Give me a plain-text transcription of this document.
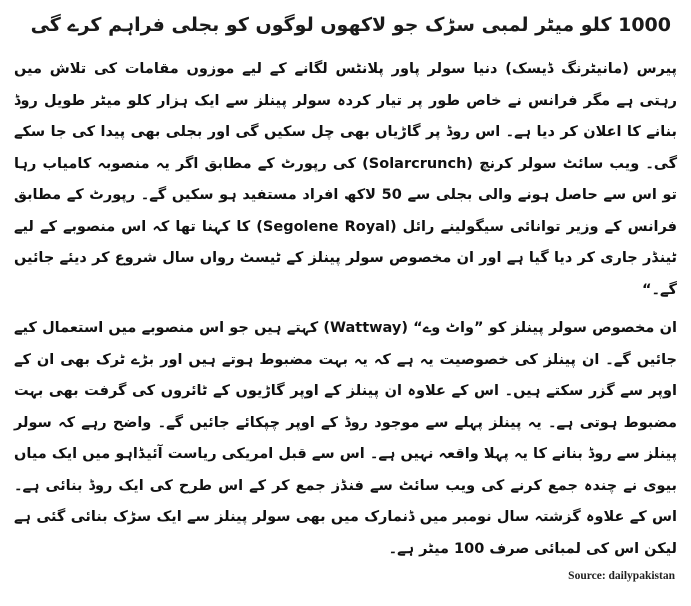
1000 کلو میٹر لمبی سڑک جو لاکھوں لوگوں کو بجلی فراہم کرے گی
پیرس (مانیٹرنگ ڈیسک) دنیا سولر پاور پلانٹس لگانے کے لیے موزوں مقامات کی تلاش میں رہتی ہے مگر فرانس نے خاص طور پر تیار کردہ سولر پینلز سے ایک ہزار کلو میٹر طویل روڈ بنانے کا اعلان کر دیا ہے۔ اس روڈ پر گاڑیاں بھی چل سکیں گی اور بجلی بھی پیدا کی جا سکے گی۔ ویب سائٹ سولر کرنچ (Solarcrunch) کی رپورٹ کے مطابق اگر یہ منصوبہ کامیاب رہا تو اس سے حاصل ہونے والی بجلی سے 50 لاکھ افراد مستفید ہو سکیں گے۔ رپورٹ کے مطابق فرانس کے وزیر توانائی سیگولینے رائل (Segolene Royal) کا کہنا تھا کہ اس منصوبے کے لیے ٹینڈر جاری کر دیا گیا ہے اور ان مخصوص سولر پینلز کے ٹیسٹ رواں سال شروع کر دیئے جائیں گے۔“
ان مخصوص سولر پینلز کو ”واٹ وے“ (Wattway) کہتے ہیں جو اس منصوبے میں استعمال کیے جائیں گے۔ ان پینلز کی خصوصیت یہ ہے کہ یہ بہت مضبوط ہوتے ہیں اور بڑے ٹرک بھی ان کے اوپر سے گزر سکتے ہیں۔ اس کے علاوہ ان پینلز کے اوپر گاڑیوں کے ٹائروں کی گرفت بھی بہت مضبوط ہوتی ہے۔ یہ پینلز پہلے سے موجود روڈ کے اوپر چپکائے جائیں گے۔ واضح رہے کہ سولر پینلز سے روڈ بنانے کا یہ پہلا واقعہ نہیں ہے۔ اس سے قبل امریکی ریاست آئیڈاہو میں ایک میاں بیوی نے چندہ جمع کرنے کی ویب سائٹ سے فنڈز جمع کر کے اس طرح کی ایک روڈ بنائی ہے۔ اس کے علاوہ گزشتہ سال نومبر میں ڈنمارک میں بھی سولر پینلز سے ایک سڑک بنائی گئی ہے لیکن اس کی لمبائی صرف 100 میٹر ہے۔
Source: dailypakistan
